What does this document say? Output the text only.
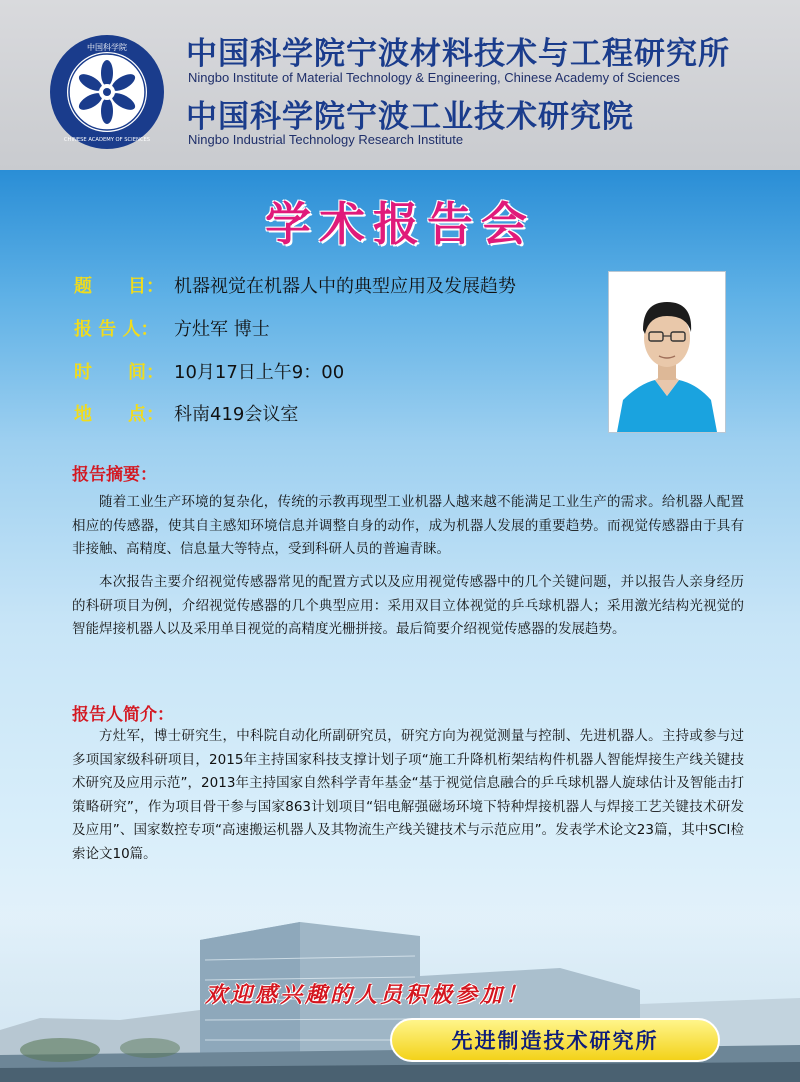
中国科学院
CHINESE ACADEMY OF SCIENCES
中国科学院宁波材料技术与工程研究所
Ningbo Institute of Material Technology & Engineering, Chinese Academy of Sciences
中国科学院宁波工业技术研究院
Ningbo Industrial Technology Research Institute
学术报告会
题　　目： 机器视觉在机器人中的典型应用及发展趋势
报 告 人： 方灶军 博士
时　　间： 10月17日上午9：00
地　　点： 科南419会议室
报告摘要：
随着工业生产环境的复杂化，传统的示教再现型工业机器人越来越不能满足工业生产的需求。给机器人配置相应的传感器，使其自主感知环境信息并调整自身的动作，成为机器人发展的重要趋势。而视觉传感器由于具有非接触、高精度、信息量大等特点，受到科研人员的普遍青睐。
本次报告主要介绍视觉传感器常见的配置方式以及应用视觉传感器中的几个关键问题，并以报告人亲身经历的科研项目为例，介绍视觉传感器的几个典型应用：采用双目立体视觉的乒乓球机器人；采用激光结构光视觉的智能焊接机器人以及采用单目视觉的高精度光栅拼接。最后简要介绍视觉传感器的发展趋势。
报告人简介：
方灶军，博士研究生，中科院自动化所副研究员，研究方向为视觉测量与控制、先进机器人。主持或参与过多项国家级科研项目，2015年主持国家科技支撑计划子项“施工升降机桁架结构件机器人智能焊接生产线关键技术研究及应用示范”，2013年主持国家自然科学青年基金“基于视觉信息融合的乒乓球机器人旋球估计及智能击打策略研究”，作为项目骨干参与国家863计划项目“铝电解强磁场环境下特种焊接机器人与焊接工艺关键技术研发及应用”、国家数控专项“高速搬运机器人及其物流生产线关键技术与示范应用”。发表学术论文23篇，其中SCI检索论文10篇。
欢迎感兴趣的人员积极参加！
先进制造技术研究所
